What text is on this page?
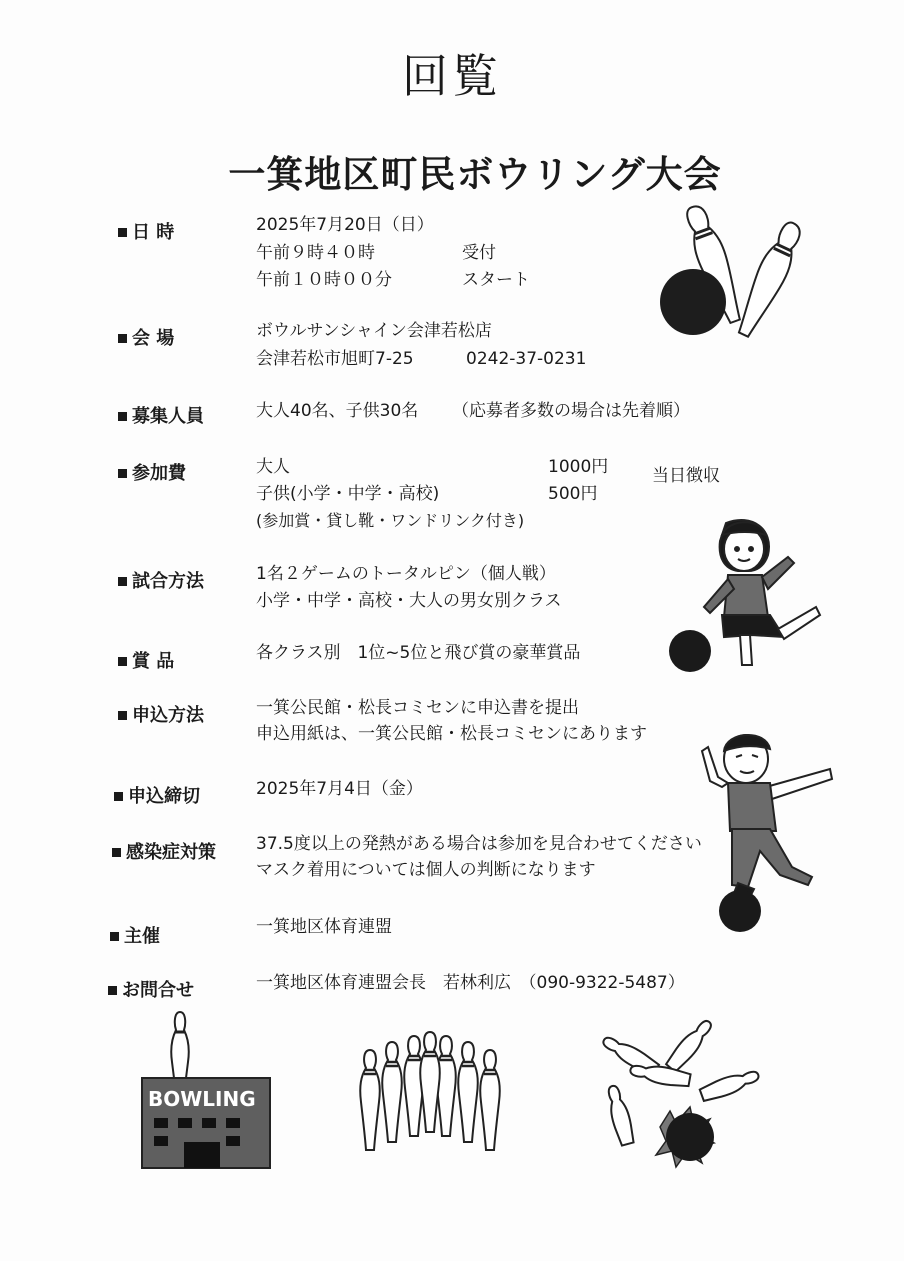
回覧
一箕地区町民ボウリング大会
日 時	2025年7月20日（日）
午前９時４０時	受付
午前１０時００分	スタート
会 場	ボウルサンシャイン会津若松店
会津若松市旭町7-25	0242-37-0231
募集人員	大人40名、子供30名 （応募者多数の場合は先着順）
参加費	大人	1000円	当日徴収
子供(小学・中学・高校)	500円
(参加賞・貸し靴・ワンドリンク付き)
試合方法	1名２ゲームのトータルピン（個人戦）
小学・中学・高校・大人の男女別クラス
賞 品	各クラス別　1位~5位と飛び賞の豪華賞品
申込方法	一箕公民館・松長コミセンに申込書を提出
申込用紙は、一箕公民館・松長コミセンにあります
申込締切	2025年7月4日（金）
感染症対策 37.5度以上の発熱がある場合は参加を見合わせてください
マスク着用については個人の判断になります
主催	一箕地区体育連盟
お問合せ	一箕地区体育連盟会長　若林利広　（090-9322-5487）
BOWLING
